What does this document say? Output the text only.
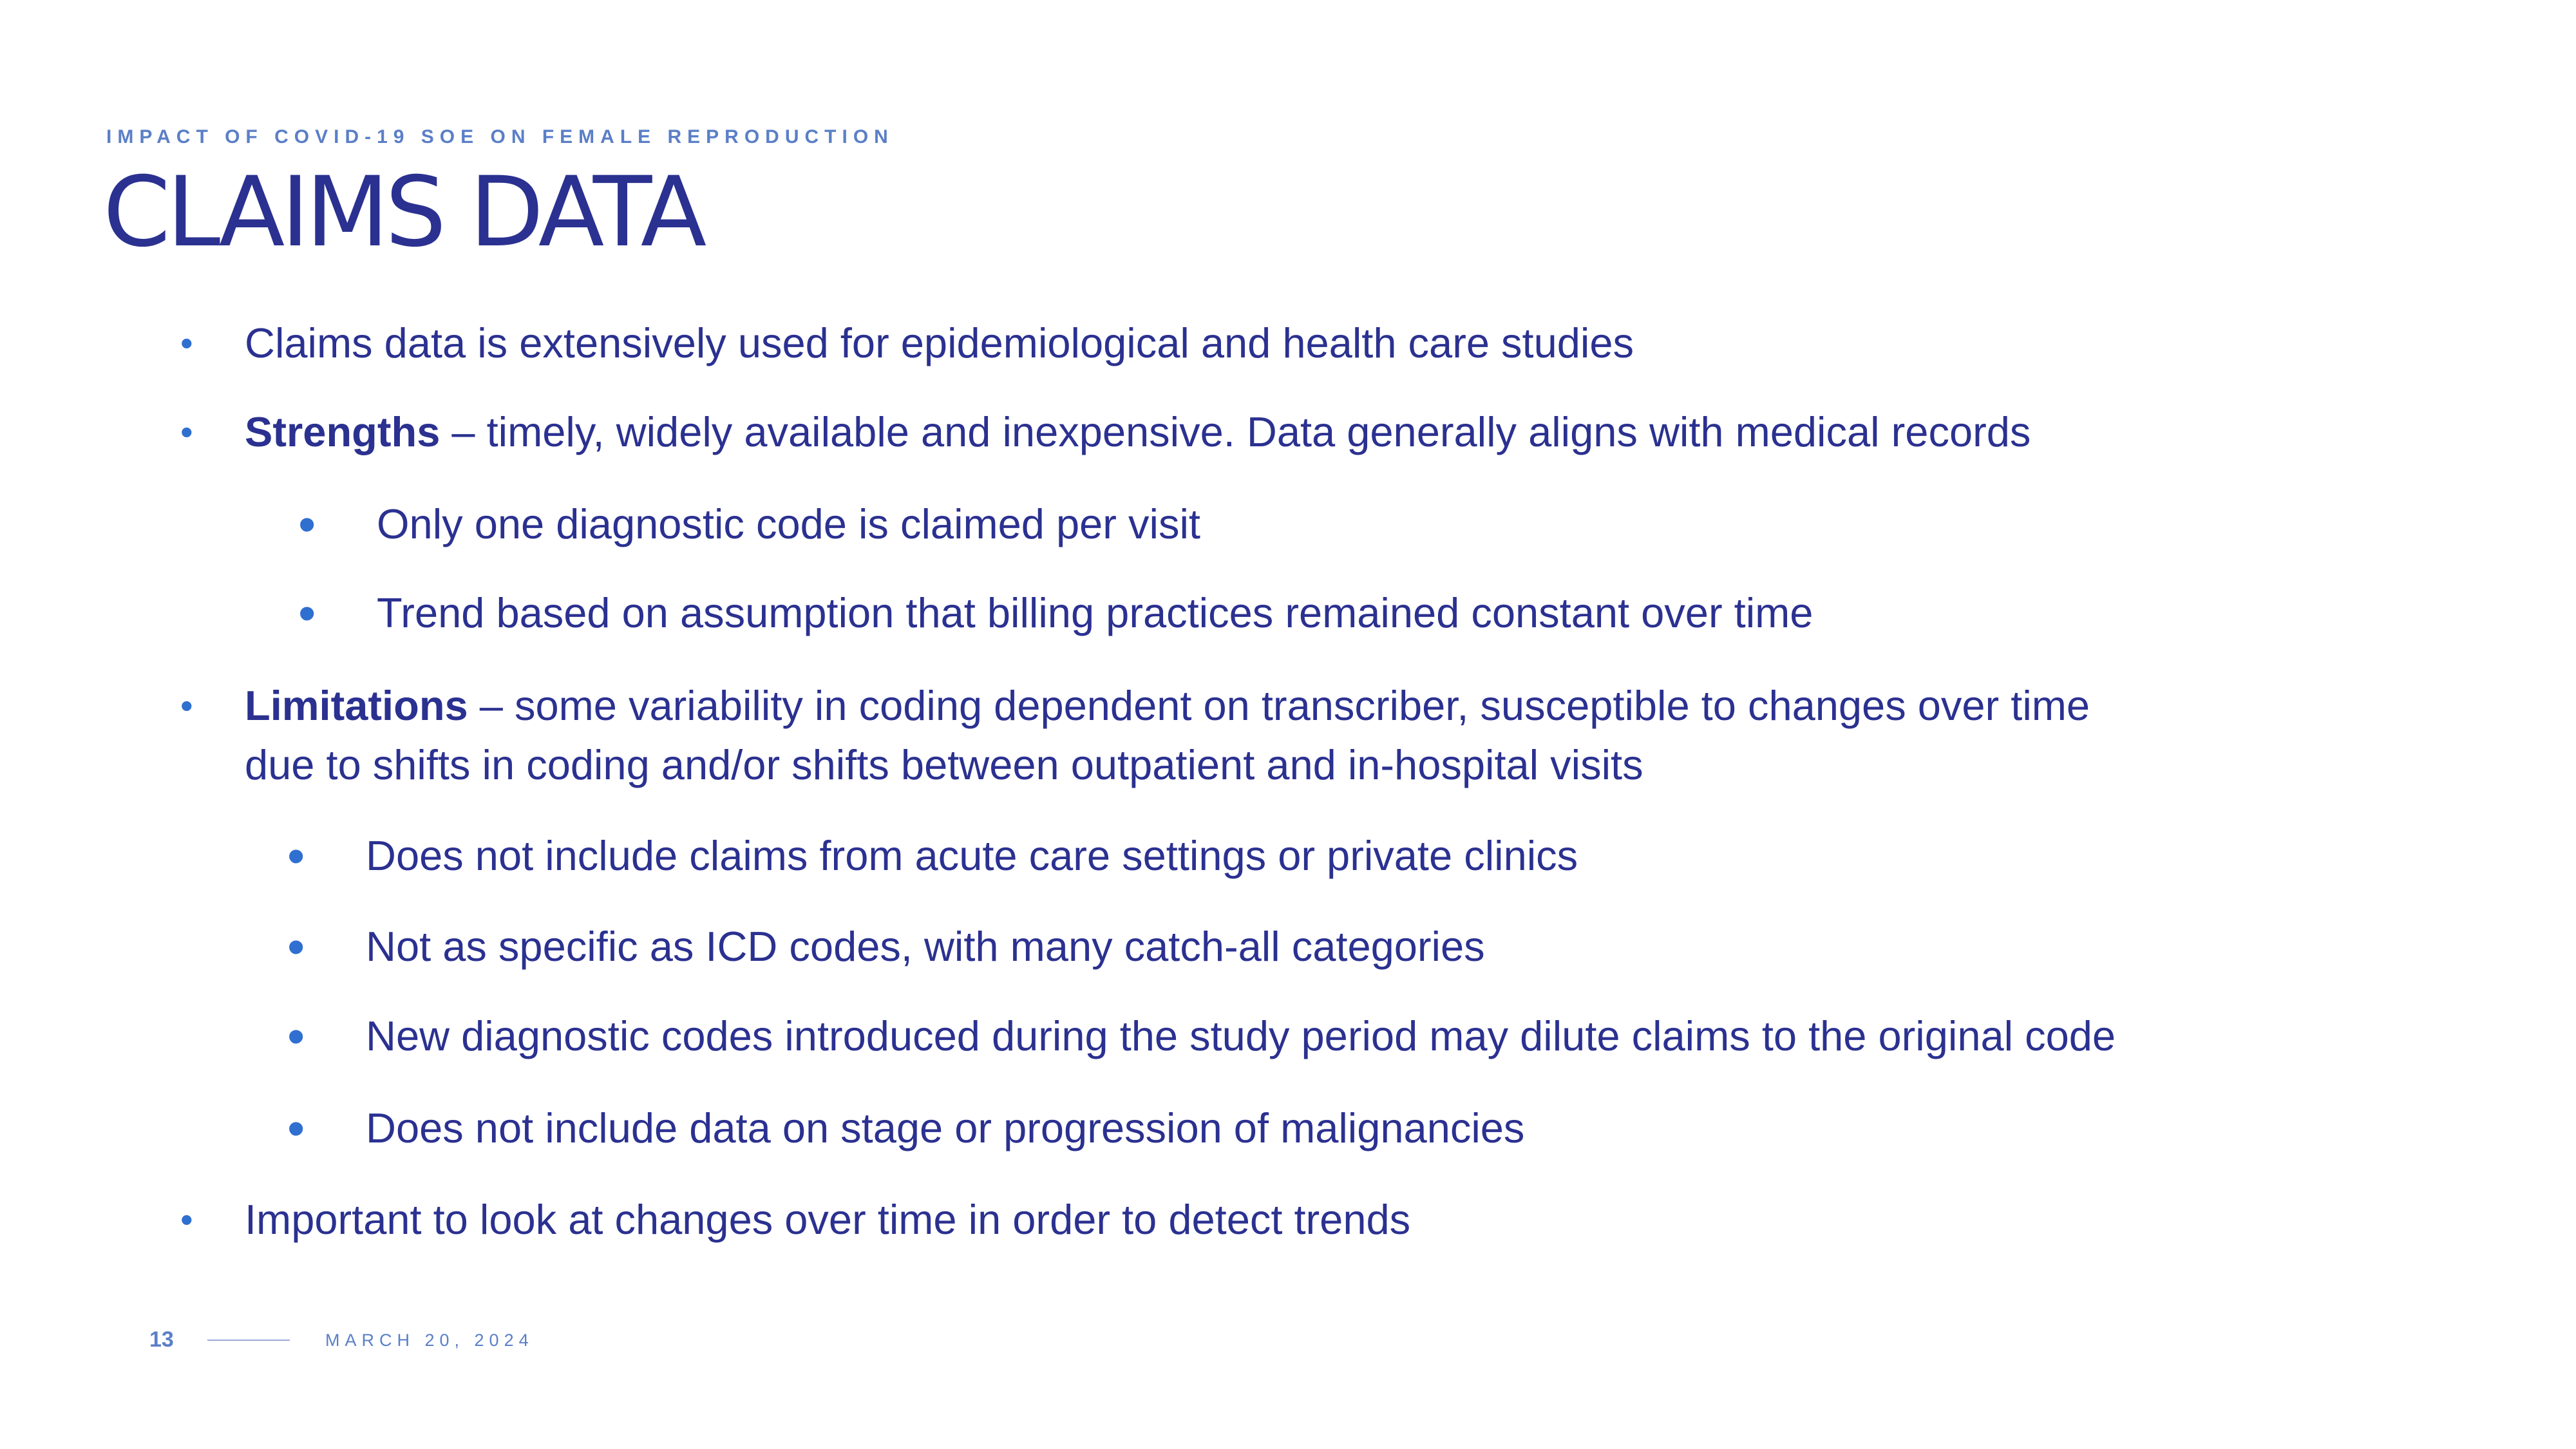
IMPACT OF COVID-19 SOE ON FEMALE REPRODUCTION
CLAIMS DATA
• Claims data is extensively used for epidemiological and health care studies
• Strengths – timely, widely available and inexpensive. Data generally aligns with medical records
• Only one diagnostic code is claimed per visit
• Trend based on assumption that billing practices remained constant over time
• Limitations – some variability in coding dependent on transcriber, susceptible to changes over time
due to shifts in coding and/or shifts between outpatient and in-hospital visits
• Does not include claims from acute care settings or private clinics
• Not as specific as ICD codes, with many catch-all categories
• New diagnostic codes introduced during the study period may dilute claims to the original code
• Does not include data on stage or progression of malignancies
• Important to look at changes over time in order to detect trends
13	MARCH 20, 2024
